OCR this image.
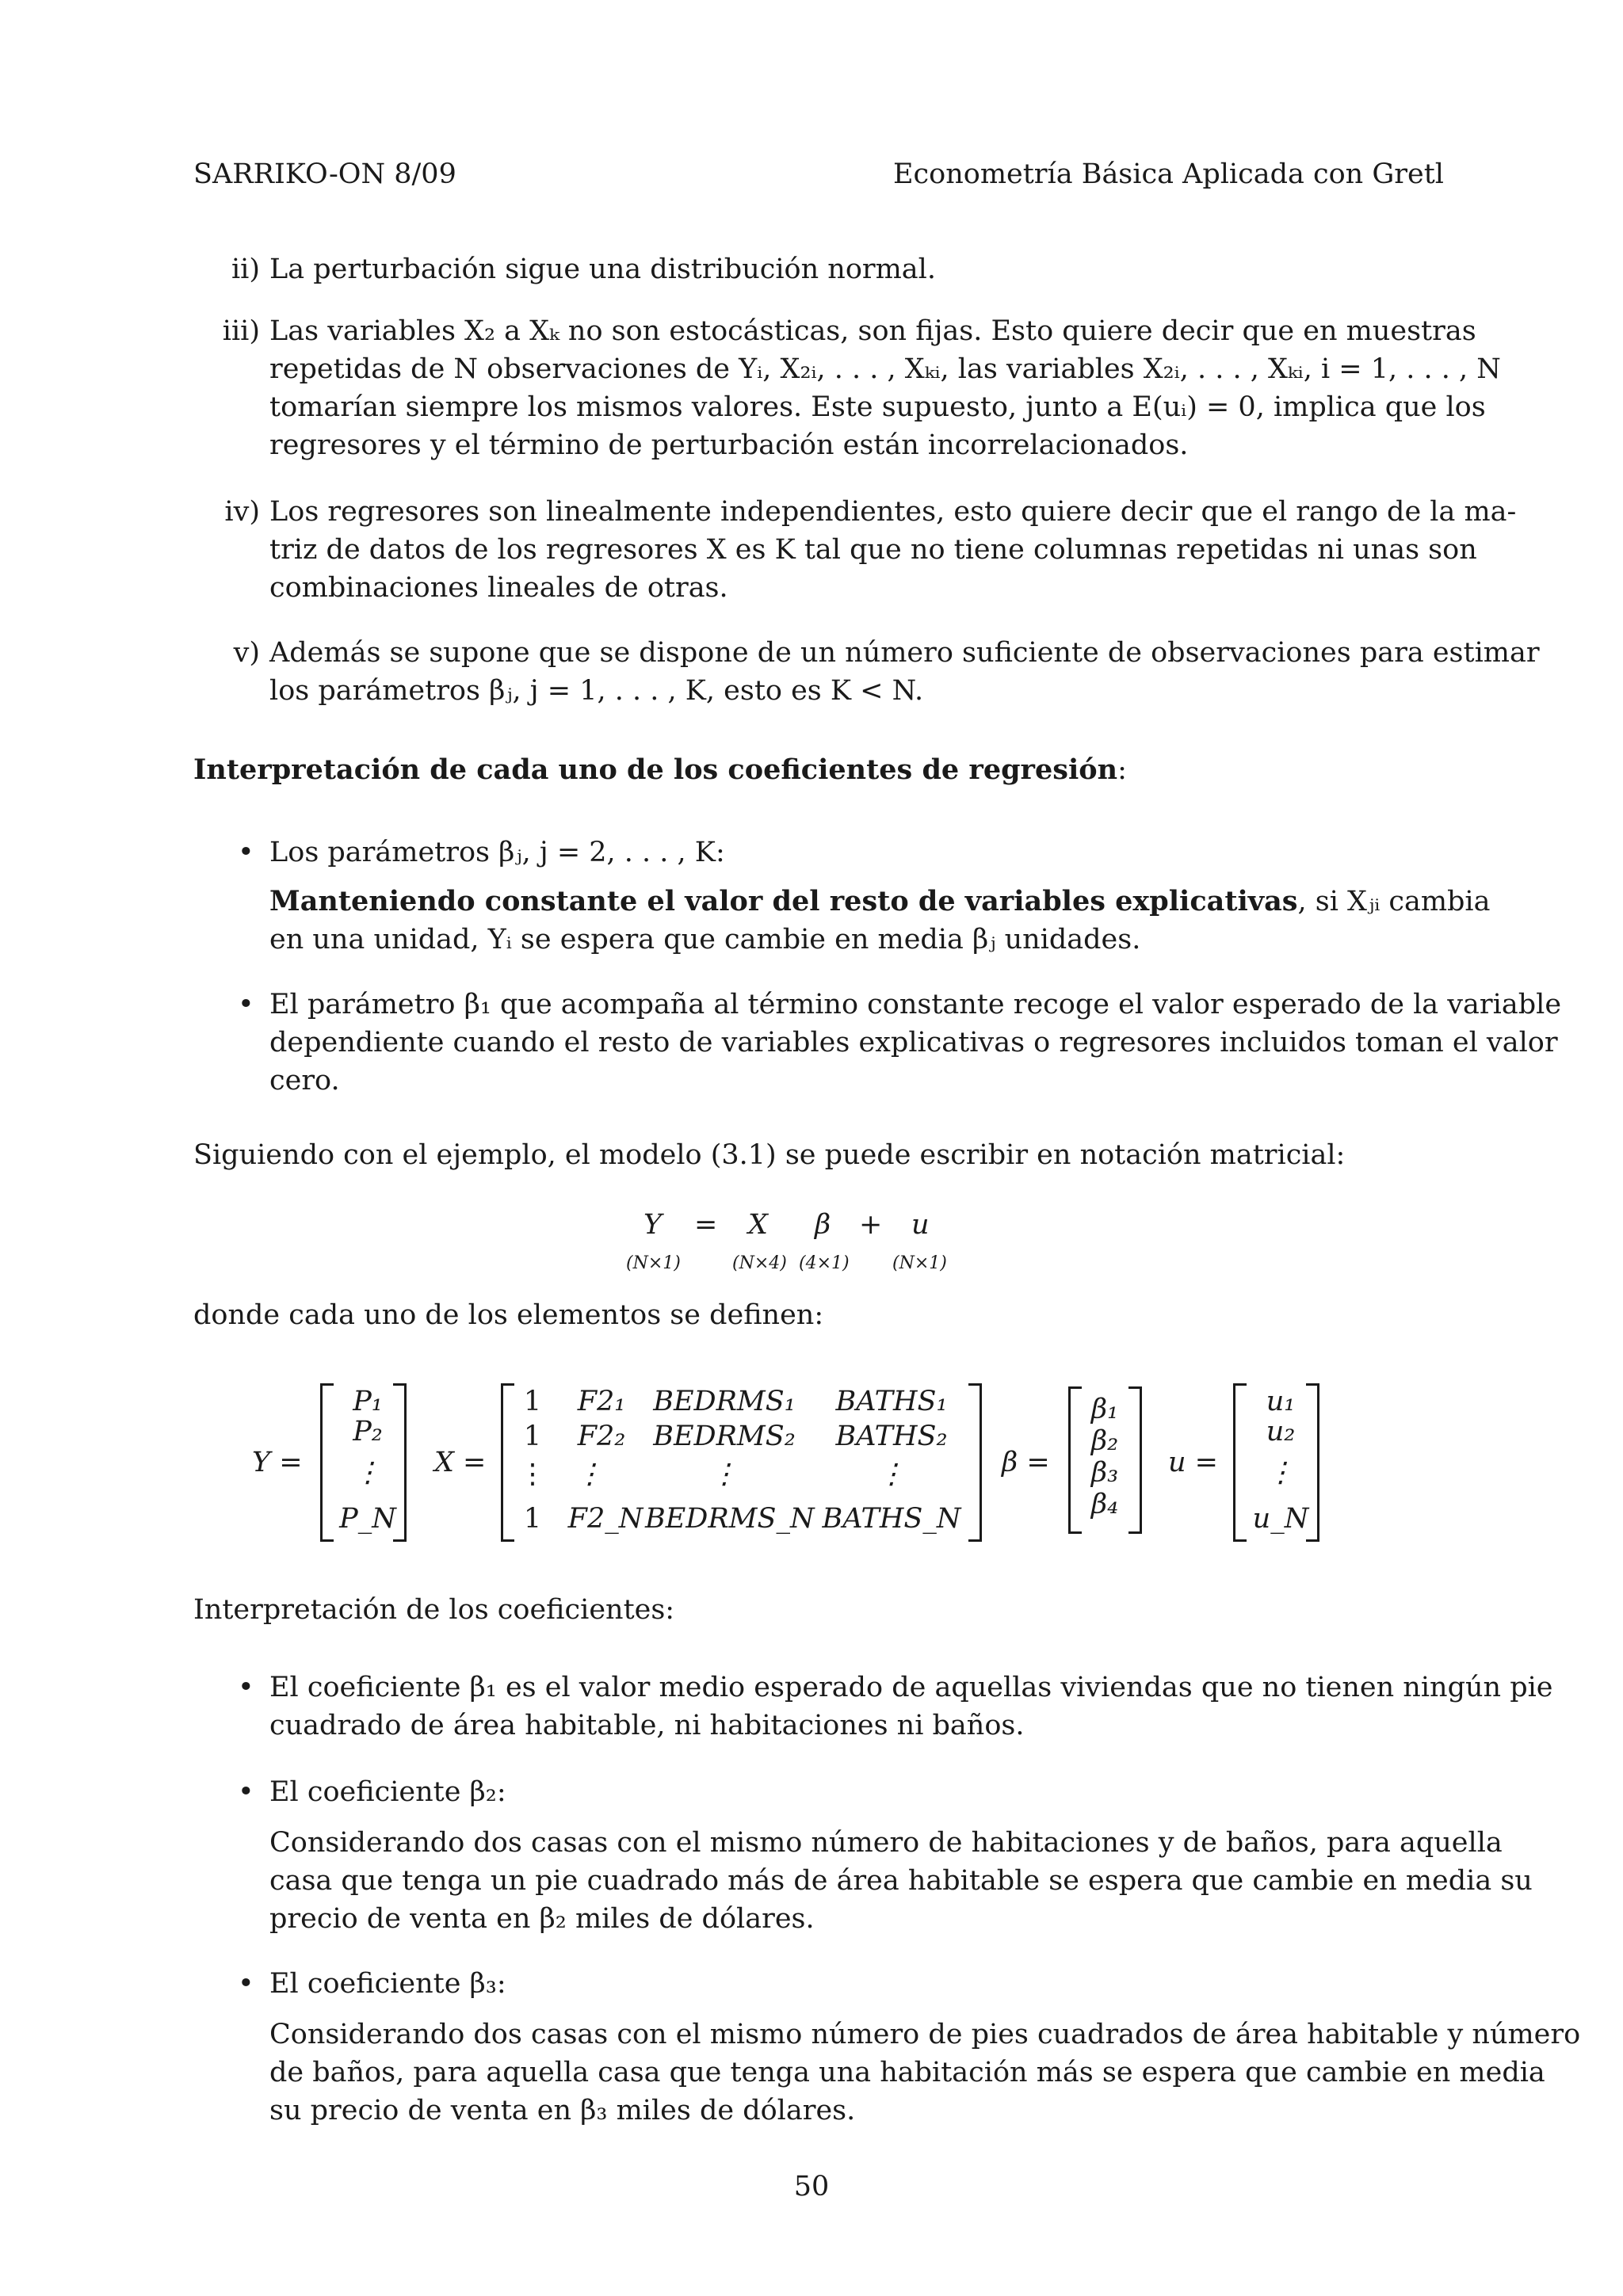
SARRIKO-ON 8/09	Econometría Básica Aplicada con Gretl
ii) La perturbación sigue una distribución normal.
iii) Las variables X₂ a Xₖ no son estocásticas, son fijas. Esto quiere decir que en muestras
repetidas de N observaciones de Yᵢ, X₂ᵢ, . . . , Xₖᵢ, las variables X₂ᵢ, . . . , Xₖᵢ, i = 1, . . . , N
tomarían siempre los mismos valores. Este supuesto, junto a E(uᵢ) = 0, implica que los
regresores y el término de perturbación están incorrelacionados.
iv) Los regresores son linealmente independientes, esto quiere decir que el rango de la ma-
triz de datos de los regresores X es K tal que no tiene columnas repetidas ni unas son
combinaciones lineales de otras.
v) Además se supone que se dispone de un número suficiente de observaciones para estimar
los parámetros βⱼ, j = 1, . . . , K, esto es K < N.
Interpretación de cada uno de los coeficientes de regresión:
• Los parámetros βⱼ, j = 2, . . . , K:
Manteniendo constante el valor del resto de variables explicativas, si Xⱼᵢ cambia
en una unidad, Yᵢ se espera que cambie en media βⱼ unidades.
• El parámetro β₁ que acompaña al término constante recoge el valor esperado de la variable
dependiente cuando el resto de variables explicativas o regresores incluidos toman el valor
cero.
Siguiendo con el ejemplo, el modelo (3.1) se puede escribir en notación matricial:
Y = X β + u
(N×1)	(N×4) (4×1) (N×1)
donde cada uno de los elementos se definen:
Y =
P₁
P₂
⋮
P_N
X =
1	F2₁ BEDRMS₁	BATHS₁
1	F2₂ BEDRMS₂	BATHS₂
⋮	⋮	⋮	⋮
1 F2_N BEDRMS_N BATHS_N
β =
β₁
β₂
β₃
β₄
u =
u₁
u₂
⋮
u_N
Interpretación de los coeficientes:
• El coeficiente β₁ es el valor medio esperado de aquellas viviendas que no tienen ningún pie
cuadrado de área habitable, ni habitaciones ni baños.
• El coeficiente β₂:
Considerando dos casas con el mismo número de habitaciones y de baños, para aquella
casa que tenga un pie cuadrado más de área habitable se espera que cambie en media su
precio de venta en β₂ miles de dólares.
• El coeficiente β₃:
Considerando dos casas con el mismo número de pies cuadrados de área habitable y número
de baños, para aquella casa que tenga una habitación más se espera que cambie en media
su precio de venta en β₃ miles de dólares.
50
